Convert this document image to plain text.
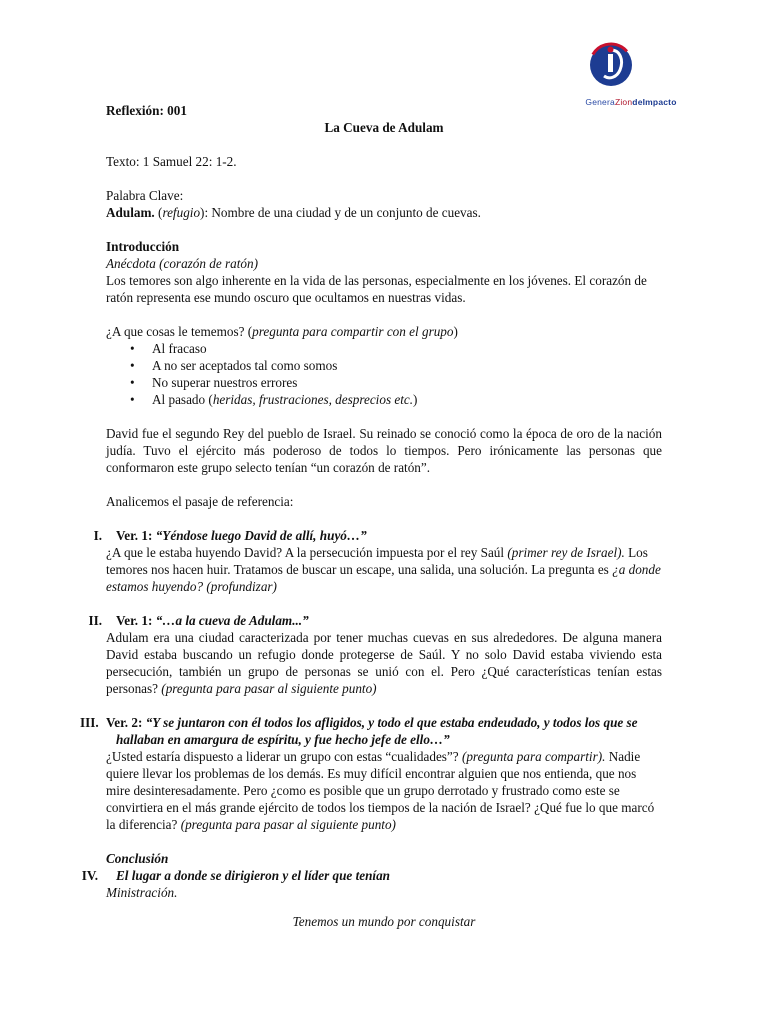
GeneraZiondeImpacto

Reflexión: 001

La Cueva de Adulam

Texto: 1 Samuel 22: 1-2.

Palabra Clave:

Adulam. (refugio): Nombre de una ciudad y de un conjunto de cuevas.

Introducción

Anécdota (corazón de ratón)

Los temores son algo inherente en la vida de las personas, especialmente en los jóvenes. El corazón de ratón representa ese mundo oscuro que ocultamos en nuestras vidas.

¿A que cosas le tememos? (pregunta para compartir con el grupo)

• Al fracaso
• A no ser aceptados tal como somos
• No superar nuestros errores
• Al pasado (heridas, frustraciones, desprecios etc.)

David fue el segundo Rey del pueblo de Israel. Su reinado se conoció como la época de oro de la nación judía. Tuvo el ejército más poderoso de todos lo tiempos. Pero irónicamente las personas que conformaron este grupo selecto tenían “un corazón de ratón”.

Analicemos el pasaje de referencia:

I. Ver. 1: “Yéndose luego David de allí, huyó…”

¿A que le estaba huyendo David? A la persecución impuesta por el rey Saúl (primer rey de Israel). Los temores nos hacen huir. Tratamos de buscar un escape, una salida, una solución. La pregunta es ¿a donde estamos huyendo? (profundizar)

II. Ver. 1: “…a la cueva de Adulam...”

Adulam era una ciudad caracterizada por tener muchas cuevas en sus alrededores. De alguna manera David estaba buscando un refugio donde protegerse de Saúl. Y no solo David estaba viviendo esta persecución, también un grupo de personas se unió con el. Pero ¿Qué características tenían estas personas? (pregunta para pasar al siguiente punto)

III. Ver. 2: “Y se juntaron con él todos los afligidos, y todo el que estaba endeudado, y todos los que se hallaban en amargura de espíritu, y fue hecho jefe de ello…”

¿Usted estaría dispuesto a liderar un grupo con estas “cualidades”? (pregunta para compartir). Nadie quiere llevar los problemas de los demás. Es muy difícil encontrar alguien que nos entienda, que nos mire desinteresadamente. Pero ¿como es posible que un grupo derrotado y frustrado como este se convirtiera en el más grande ejército de todos los tiempos de la nación de Israel? ¿Qué fue lo que marcó la diferencia? (pregunta para pasar al siguiente punto)

Conclusión

IV. El lugar a donde se dirigieron y el líder que tenían

Ministración.

Tenemos un mundo por conquistar
